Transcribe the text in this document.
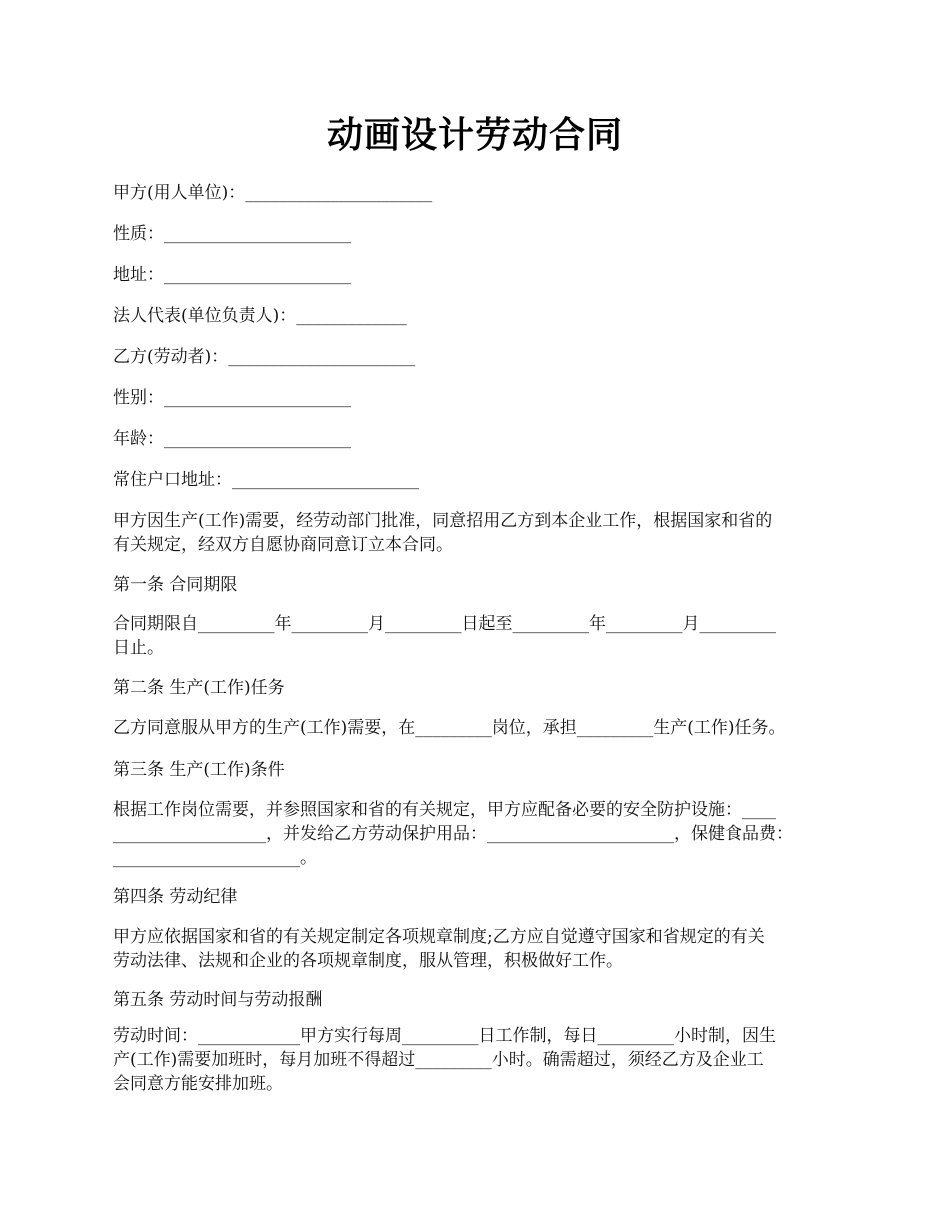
动画设计劳动合同
甲方(用人单位)：______________________
性质：______________________
地址：______________________
法人代表(单位负责人)：_____________
乙方(劳动者)：______________________
性别：______________________
年龄：______________________
常住户口地址：______________________

甲方因生产(工作)需要，经劳动部门批准，同意招用乙方到本企业工作，根据国家和省的

有关规定，经双方自愿协商同意订立本合同。

第一条 合同期限

合同期限自_________年_________月_________日起至_________年_________月_________

日止。

第二条 生产(工作)任务

乙方同意服从甲方的生产(工作)需要，在_________岗位，承担_________生产(工作)任务。

第三条 生产(工作)条件

根据工作岗位需要，并参照国家和省的有关规定，甲方应配备必要的安全防护设施：____

__________________，并发给乙方劳动保护用品：______________________，保健食品费：

______________________。

第四条 劳动纪律

甲方应依据国家和省的有关规定制定各项规章制度;乙方应自觉遵守国家和省规定的有关

劳动法律、法规和企业的各项规章制度，服从管理，积极做好工作。

第五条 劳动时间与劳动报酬

劳动时间：____________甲方实行每周_________日工作制，每日_________小时制，因生

产(工作)需要加班时，每月加班不得超过_________小时。确需超过，须经乙方及企业工

会同意方能安排加班。
